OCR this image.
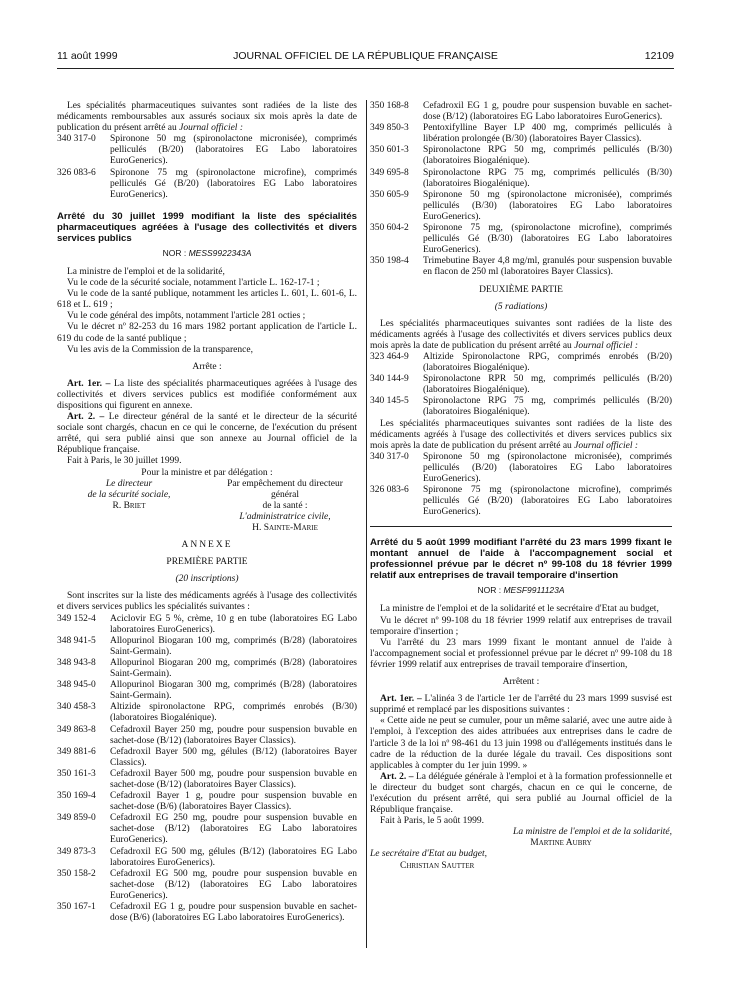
11 août 1999	JOURNAL OFFICIEL DE LA RÉPUBLIQUE FRANÇAISE	12109

Les spécialités pharmaceutiques suivantes sont radiées de la liste des médicaments remboursables aux assurés sociaux six mois après la date de publication du présent arrêté au Journal officiel :

340 317-0	Spironone 50 mg (spironolactone micronisée), comprimés pelliculés (B/20) (laboratoires EG Labo laboratoires EuroGenerics).
326 083-6	Spironone 75 mg (spironolactone microfine), comprimés pelliculés Gé (B/20) (laboratoires EG Labo laboratoires EuroGenerics).
Arrêté du 30 juillet 1999 modifiant la liste des spécialités pharmaceutiques agréées à l'usage des collectivités et divers services publics
NOR : MESS9922343A

La ministre de l'emploi et de la solidarité,

Vu le code de la sécurité sociale, notamment l'article L. 162-17-1 ;

Vu le code de la santé publique, notamment les articles L. 601, L. 601-6, L. 618 et L. 619 ;

Vu le code général des impôts, notamment l'article 281 octies ;

Vu le décret nº 82-253 du 16 mars 1982 portant application de l'article L. 619 du code de la santé publique ;

Vu les avis de la Commission de la transparence,

Arrête :

Art. 1er. – La liste des spécialités pharmaceutiques agréées à l'usage des collectivités et divers services publics est modifiée conformément aux dispositions qui figurent en annexe.

Art. 2. – Le directeur général de la santé et le directeur de la sécurité sociale sont chargés, chacun en ce qui le concerne, de l'exécution du présent arrêté, qui sera publié ainsi que son annexe au Journal officiel de la République française.

Fait à Paris, le 30 juillet 1999.

Pour la ministre et par délégation :

Le directeur
de la sécurité sociale,
R. Briet
Par empêchement du directeur général
de la santé :
L'administratrice civile,
H. Sainte-Marie

ANNEXE

PREMIÈRE PARTIE

(20 inscriptions)

Sont inscrites sur la liste des médicaments agréés à l'usage des collectivités et divers services publics les spécialités suivantes :

349 152-4	Aciclovir EG 5 %, crème, 10 g en tube (laboratoires EG Labo laboratoires EuroGenerics).
348 941-5	Allopurinol Biogaran 100 mg, comprimés (B/28) (laboratoires Saint-Germain).
348 943-8	Allopurinol Biogaran 200 mg, comprimés (B/28) (laboratoires Saint-Germain).
348 945-0	Allopurinol Biogaran 300 mg, comprimés (B/28) (laboratoires Saint-Germain).
340 458-3	Altizide spironolactone RPG, comprimés enrobés (B/30) (laboratoires Biogalénique).
349 863-8	Cefadroxil Bayer 250 mg, poudre pour suspension buvable en sachet-dose (B/12) (laboratoires Bayer Classics).
349 881-6	Cefadroxil Bayer 500 mg, gélules (B/12) (laboratoires Bayer Classics).
350 161-3	Cefadroxil Bayer 500 mg, poudre pour suspension buvable en sachet-dose (B/12) (laboratoires Bayer Classics).
350 169-4	Cefadroxil Bayer 1 g, poudre pour suspension buvable en sachet-dose (B/6) (laboratoires Bayer Classics).
349 859-0	Cefadroxil EG 250 mg, poudre pour suspension buvable en sachet-dose (B/12) (laboratoires EG Labo laboratoires EuroGenerics).
349 873-3	Cefadroxil EG 500 mg, gélules (B/12) (laboratoires EG Labo laboratoires EuroGenerics).
350 158-2	Cefadroxil EG 500 mg, poudre pour suspension buvable en sachet-dose (B/12) (laboratoires EG Labo laboratoires EuroGenerics).
350 167-1	Cefadroxil EG 1 g, poudre pour suspension buvable en sachet-dose (B/6) (laboratoires EG Labo laboratoires EuroGenerics).
350 168-8	Cefadroxil EG 1 g, poudre pour suspension buvable en sachet-dose (B/12) (laboratoires EG Labo laboratoires EuroGenerics).
349 850-3	Pentoxifylline Bayer LP 400 mg, comprimés pelliculés à libération prolongée (B/30) (laboratoires Bayer Classics).
350 601-3	Spironolactone RPG 50 mg, comprimés pelliculés (B/30) (laboratoires Biogalénique).
349 695-8	Spironolactone RPG 75 mg, comprimés pelliculés (B/30) (laboratoires Biogalénique).
350 605-9	Spironone 50 mg (spironolactone micronisée), comprimés pelliculés (B/30) (laboratoires EG Labo laboratoires EuroGenerics).
350 604-2	Spironone 75 mg, (spironolactone microfine), comprimés pelliculés Gé (B/30) (laboratoires EG Labo laboratoires EuroGenerics).
350 198-4	Trimebutine Bayer 4,8 mg/ml, granulés pour suspension buvable en flacon de 250 ml (laboratoires Bayer Classics).

DEUXIÈME PARTIE

(5 radiations)

Les spécialités pharmaceutiques suivantes sont radiées de la liste des médicaments agréés à l'usage des collectivités et divers services publics deux mois après la date de publication du présent arrêté au Journal officiel :

323 464-9	Altizide Spironolactone RPG, comprimés enrobés (B/20) (laboratoires Biogalénique).
340 144-9	Spironolactone RPR 50 mg, comprimés pelliculés (B/20) (laboratoires Biogalénique).
340 145-5	Spironolactone RPG 75 mg, comprimés pelliculés (B/20) (laboratoires Biogalénique).

Les spécialités pharmaceutiques suivantes sont radiées de la liste des médicaments agréés à l'usage des collectivités et divers services publics six mois après la date de publication du présent arrêté au Journal officiel :

340 317-0	Spironone 50 mg (spironolactone micronisée), comprimés pelliculés (B/20) (laboratoires EG Labo laboratoires EuroGenerics).
326 083-6	Spironone 75 mg (spironolactone microfine), comprimés pelliculés Gé (B/20) (laboratoires EG Labo laboratoires EuroGenerics).
Arrêté du 5 août 1999 modifiant l'arrêté du 23 mars 1999 fixant le montant annuel de l'aide à l'accompagnement social et professionnel prévue par le décret nº 99-108 du 18 février 1999 relatif aux entreprises de travail temporaire d'insertion
NOR : MESF9911123A

La ministre de l'emploi et de la solidarité et le secrétaire d'Etat au budget,

Vu le décret nº 99-108 du 18 février 1999 relatif aux entreprises de travail temporaire d'insertion ;

Vu l'arrêté du 23 mars 1999 fixant le montant annuel de l'aide à l'accompagnement social et professionnel prévue par le décret nº 99-108 du 18 février 1999 relatif aux entreprises de travail temporaire d'insertion,

Arrêtent :

Art. 1er. – L'alinéa 3 de l'article 1er de l'arrêté du 23 mars 1999 susvisé est supprimé et remplacé par les dispositions suivantes :

« Cette aide ne peut se cumuler, pour un même salarié, avec une autre aide à l'emploi, à l'exception des aides attribuées aux entreprises dans le cadre de l'article 3 de la loi nº 98-461 du 13 juin 1998 ou d'allégements institués dans le cadre de la réduction de la durée légale du travail. Ces dispositions sont applicables à compter du 1er juin 1999. »

Art. 2. – La déléguée générale à l'emploi et à la formation professionnelle et le directeur du budget sont chargés, chacun en ce qui le concerne, de l'exécution du présent arrêté, qui sera publié au Journal officiel de la République française.

Fait à Paris, le 5 août 1999.

La ministre de l'emploi et de la solidarité,

Martine Aubry

Le secrétaire d'Etat au budget,

Christian Sautter
